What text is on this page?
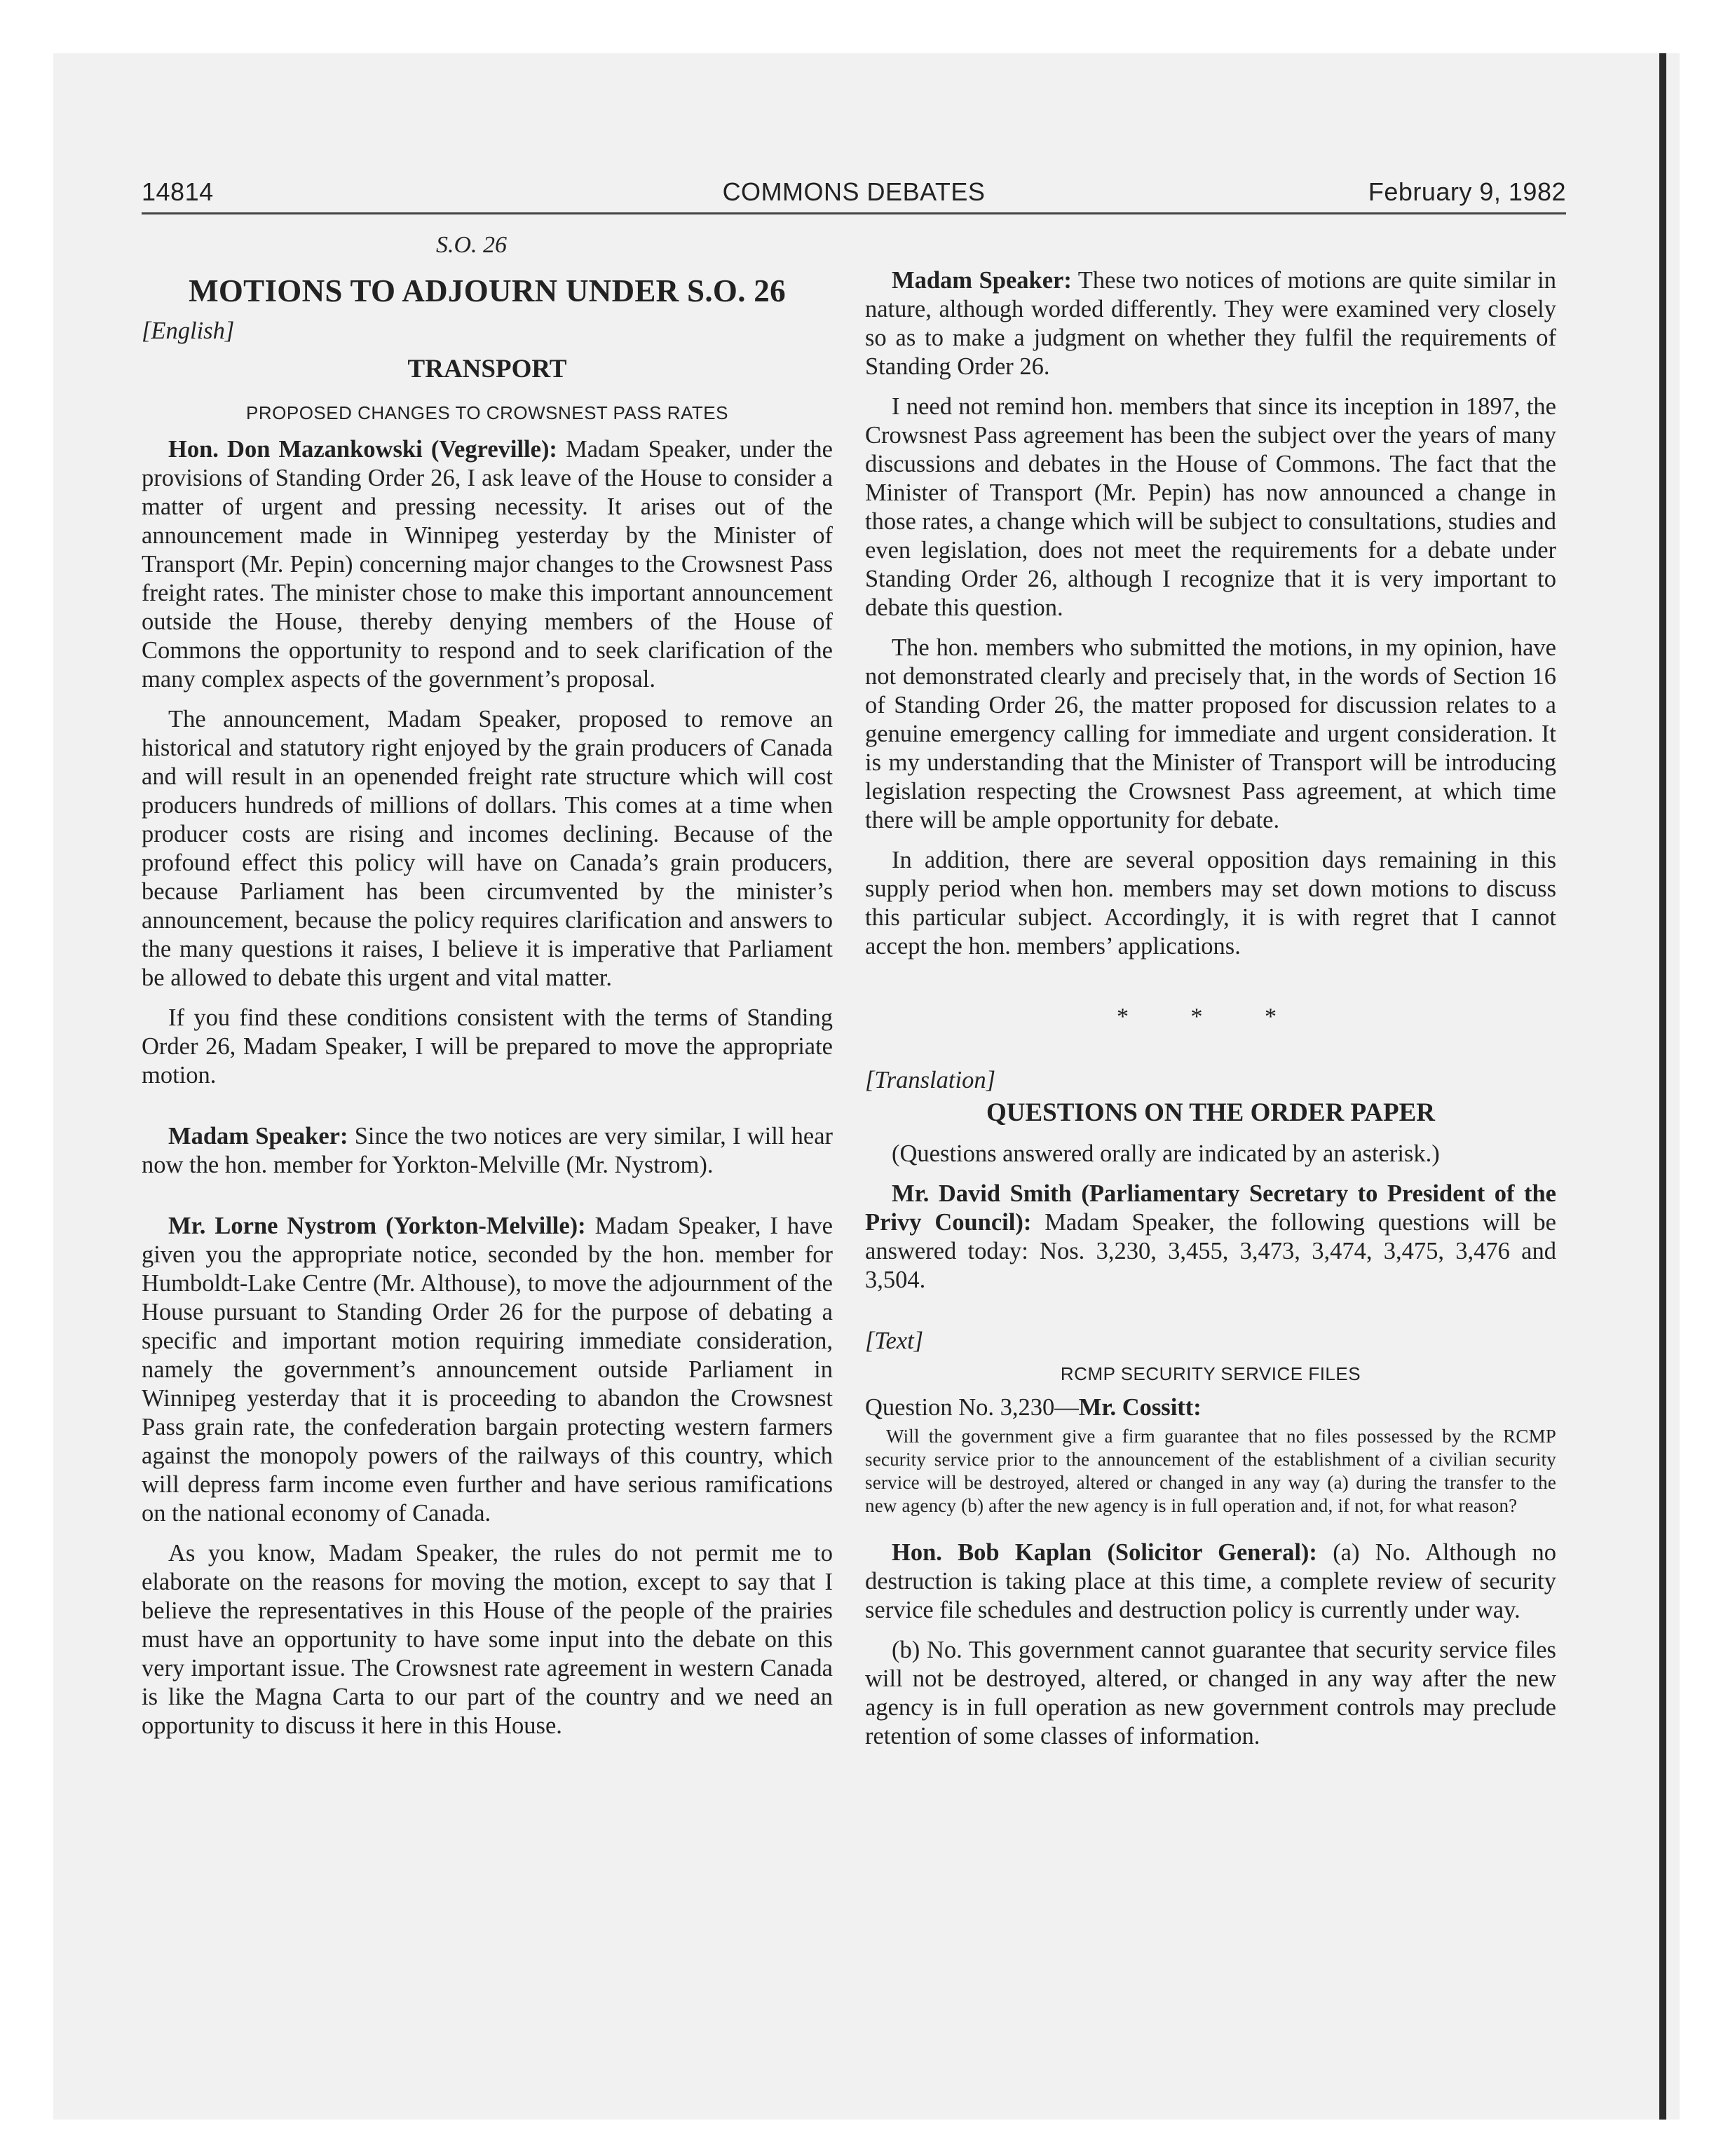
14814	COMMONS DEBATES	February 9, 1982
S.O. 26
MOTIONS TO ADJOURN UNDER S.O. 26
[English]
TRANSPORT
PROPOSED CHANGES TO CROWSNEST PASS RATES

Hon. Don Mazankowski (Vegreville): Madam Speaker, under the provisions of Standing Order 26, I ask leave of the House to consider a matter of urgent and pressing necessity. It arises out of the announcement made in Winnipeg yesterday by the Minister of Transport (Mr. Pepin) concerning major changes to the Crowsnest Pass freight rates. The minister chose to make this important announcement outside the House, thereby denying members of the House of Commons the opportunity to respond and to seek clarification of the many complex aspects of the government’s proposal.

The announcement, Madam Speaker, proposed to remove an historical and statutory right enjoyed by the grain producers of Canada and will result in an openended freight rate structure which will cost producers hundreds of millions of dollars. This comes at a time when producer costs are rising and incomes declining. Because of the profound effect this policy will have on Canada’s grain producers, because Parliament has been circumvented by the minister’s announcement, because the policy requires clarification and answers to the many questions it raises, I believe it is imperative that Parliament be allowed to debate this urgent and vital matter.

If you find these conditions consistent with the terms of Standing Order 26, Madam Speaker, I will be prepared to move the appropriate motion.

Madam Speaker: Since the two notices are very similar, I will hear now the hon. member for Yorkton-Melville (Mr. Nystrom).

Mr. Lorne Nystrom (Yorkton-Melville): Madam Speaker, I have given you the appropriate notice, seconded by the hon. member for Humboldt-Lake Centre (Mr. Althouse), to move the adjournment of the House pursuant to Standing Order 26 for the purpose of debating a specific and important motion requiring immediate consideration, namely the government’s announcement outside Parliament in Winnipeg yesterday that it is proceeding to abandon the Crowsnest Pass grain rate, the confederation bargain protecting western farmers against the monopoly powers of the railways of this country, which will depress farm income even further and have serious ramifications on the national economy of Canada.

As you know, Madam Speaker, the rules do not permit me to elaborate on the reasons for moving the motion, except to say that I believe the representatives in this House of the people of the prairies must have an opportunity to have some input into the debate on this very important issue. The Crowsnest rate agreement in western Canada is like the Magna Carta to our part of the country and we need an opportunity to discuss it here in this House.

Madam Speaker: These two notices of motions are quite similar in nature, although worded differently. They were examined very closely so as to make a judgment on whether they fulfil the requirements of Standing Order 26.

I need not remind hon. members that since its inception in 1897, the Crowsnest Pass agreement has been the subject over the years of many discussions and debates in the House of Commons. The fact that the Minister of Transport (Mr. Pepin) has now announced a change in those rates, a change which will be subject to consultations, studies and even legislation, does not meet the requirements for a debate under Standing Order 26, although I recognize that it is very important to debate this question.

The hon. members who submitted the motions, in my opinion, have not demonstrated clearly and precisely that, in the words of Section 16 of Standing Order 26, the matter proposed for discussion relates to a genuine emergency calling for immediate and urgent consideration. It is my understanding that the Minister of Transport will be introducing legislation respecting the Crowsnest Pass agreement, at which time there will be ample opportunity for debate.

In addition, there are several opposition days remaining in this supply period when hon. members may set down motions to discuss this particular subject. Accordingly, it is with regret that I cannot accept the hon. members’ applications.

* * *
[Translation]
QUESTIONS ON THE ORDER PAPER

(Questions answered orally are indicated by an asterisk.)

Mr. David Smith (Parliamentary Secretary to President of the Privy Council): Madam Speaker, the following questions will be answered today: Nos. 3,230, 3,455, 3,473, 3,474, 3,475, 3,476 and 3,504.

[Text]
RCMP SECURITY SERVICE FILES
Question No. 3,230—Mr. Cossitt:

Will the government give a firm guarantee that no files possessed by the RCMP security service prior to the announcement of the establishment of a civilian security service will be destroyed, altered or changed in any way (a) during the transfer to the new agency (b) after the new agency is in full operation and, if not, for what reason?

Hon. Bob Kaplan (Solicitor General): (a) No. Although no destruction is taking place at this time, a complete review of security service file schedules and destruction policy is currently under way.

(b) No. This government cannot guarantee that security service files will not be destroyed, altered, or changed in any way after the new agency is in full operation as new government controls may preclude retention of some classes of information.
